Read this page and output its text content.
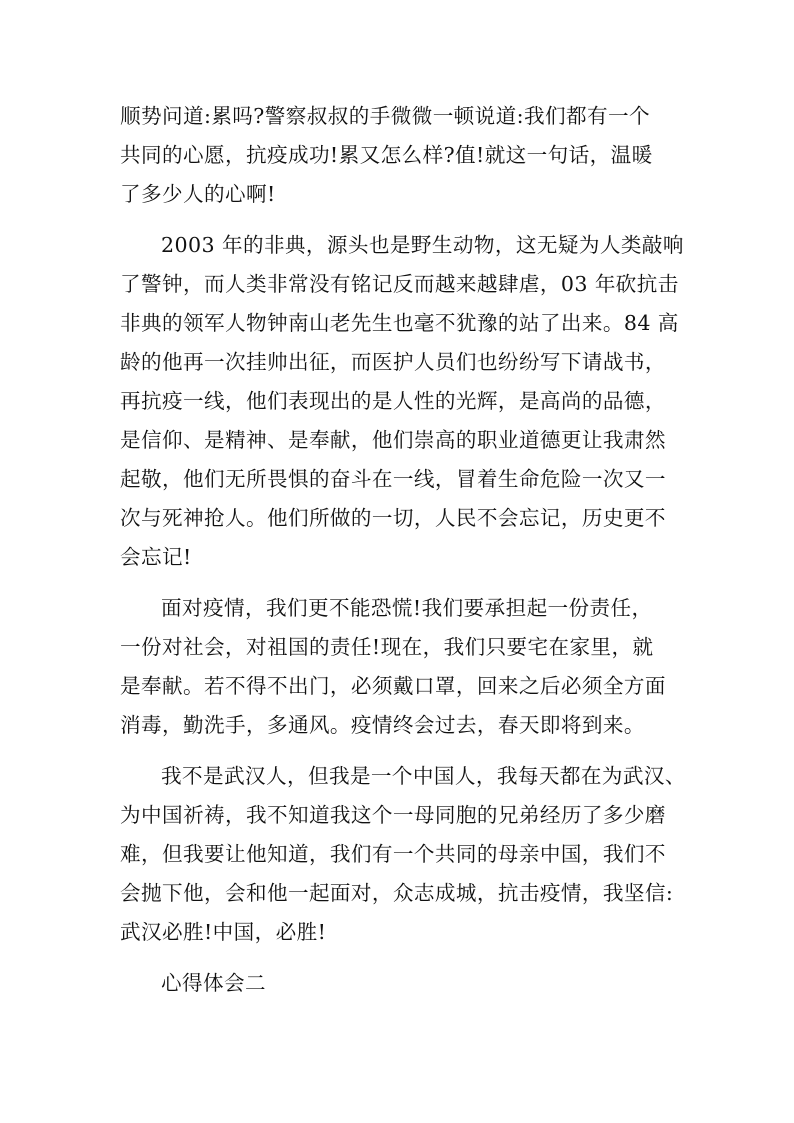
顺势问道:累吗?警察叔叔的手微微一顿说道:我们都有一个
共同的心愿，抗疫成功!累又怎么样?值!就这一句话，温暖
了多少人的心啊!
2003 年的非典，源头也是野生动物，这无疑为人类敲响
了警钟，而人类非常没有铭记反而越来越肆虐，03 年砍抗击
非典的领军人物钟南山老先生也毫不犹豫的站了出来。84 高
龄的他再一次挂帅出征，而医护人员们也纷纷写下请战书，
再抗疫一线，他们表现出的是人性的光辉，是高尚的品德，
是信仰、是精神、是奉献，他们崇高的职业道德更让我肃然
起敬，他们无所畏惧的奋斗在一线，冒着生命危险一次又一
次与死神抢人。他们所做的一切，人民不会忘记，历史更不
会忘记!
面对疫情，我们更不能恐慌!我们要承担起一份责任，
一份对社会，对祖国的责任!现在，我们只要宅在家里，就
是奉献。若不得不出门，必须戴口罩，回来之后必须全方面
消毒，勤洗手，多通风。疫情终会过去，春天即将到来。
我不是武汉人，但我是一个中国人，我每天都在为武汉、
为中国祈祷，我不知道我这个一母同胞的兄弟经历了多少磨
难，但我要让他知道，我们有一个共同的母亲中国，我们不
会抛下他，会和他一起面对，众志成城，抗击疫情，我坚信:
武汉必胜!中国，必胜!
心得体会二
